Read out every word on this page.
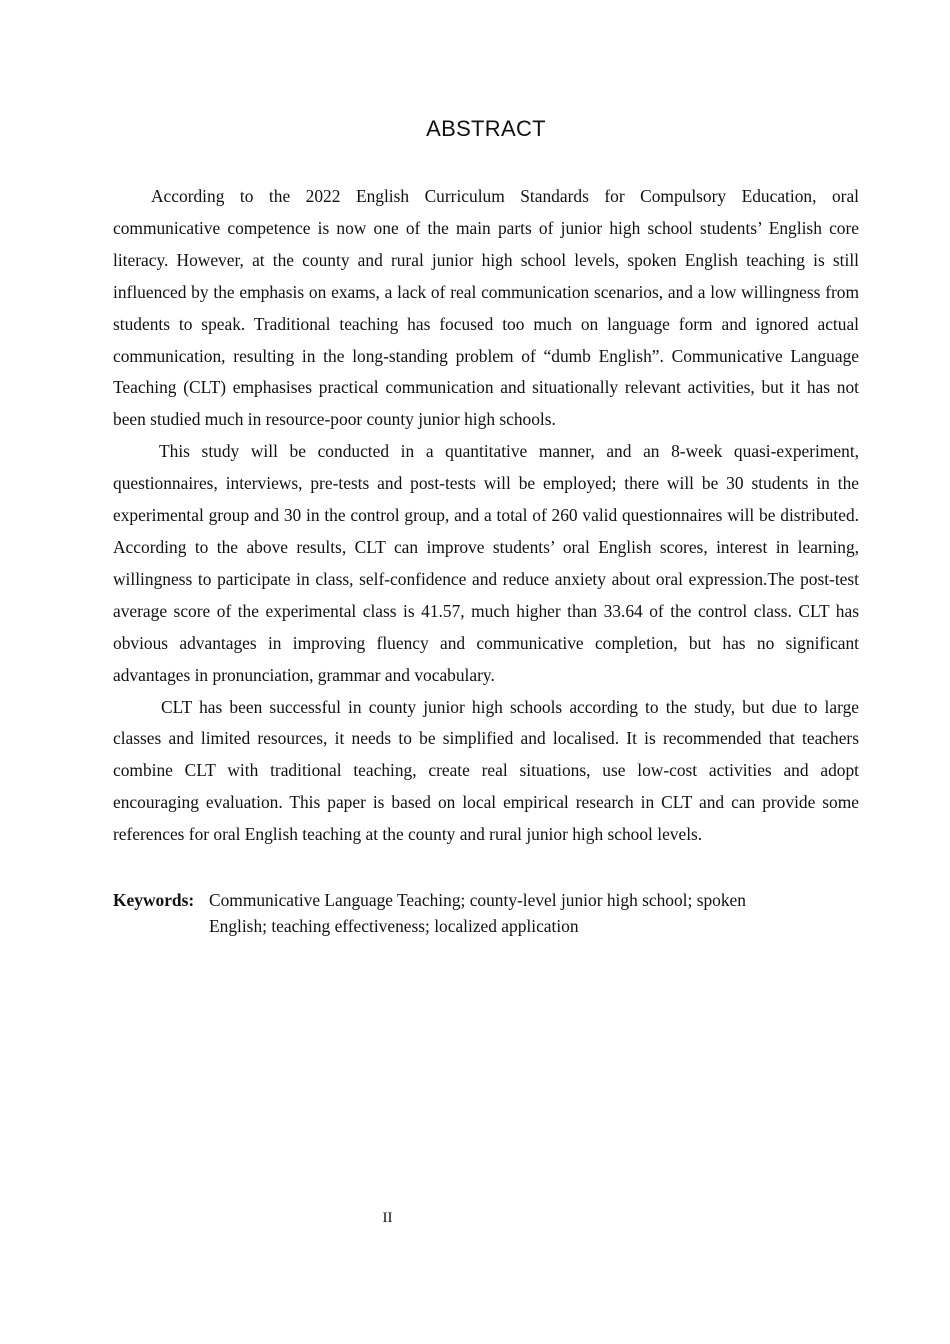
ABSTRACT

According to the 2022 English Curriculum Standards for Compulsory Education, oral communicative competence is now one of the main parts of junior high school students’ English core literacy. However, at the county and rural junior high school levels, spoken English teaching is still influenced by the emphasis on exams, a lack of real communication scenarios, and a low willingness from students to speak. Traditional teaching has focused too much on language form and ignored actual communication, resulting in the long-standing problem of “dumb English”. Communicative Language Teaching (CLT) emphasises practical communication and situationally relevant activities, but it has not been studied much in resource-poor county junior high schools.

This study will be conducted in a quantitative manner, and an 8-week quasi-experiment, questionnaires, interviews, pre-tests and post-tests will be employed; there will be 30 students in the experimental group and 30 in the control group, and a total of 260 valid questionnaires will be distributed. According to the above results, CLT can improve students’ oral English scores, interest in learning, willingness to participate in class, self-confidence and reduce anxiety about oral expression.The post-test average score of the experimental class is 41.57, much higher than 33.64 of the control class. CLT has obvious advantages in improving fluency and communicative completion, but has no significant advantages in pronunciation, grammar and vocabulary.

CLT has been successful in county junior high schools according to the study, but due to large classes and limited resources, it needs to be simplified and localised. It is recommended that teachers combine CLT with traditional teaching, create real situations, use low-cost activities and adopt encouraging evaluation. This paper is based on local empirical research in CLT and can provide some references for oral English teaching at the county and rural junior high school levels.

Keywords: Communicative Language Teaching; county-level junior high school; spoken
English; teaching effectiveness; localized application
II
